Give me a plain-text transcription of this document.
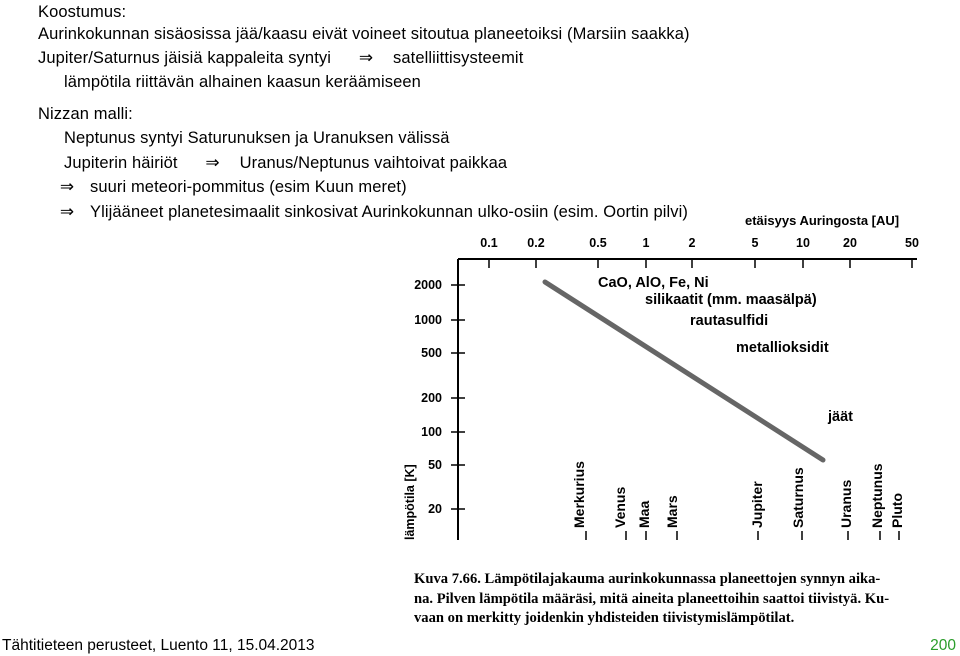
Koostumus:
Aurinkokunnan sisäosissa jää/kaasu eivät voineet sitoutua planeetoiksi (Marsiin saakka)
Jupiter/Saturnus jäisiä kappaleita syntyi ⇒ satelliittisysteemit
lämpötila riittävän alhainen kaasun keräämiseen
Nizzan malli:
Neptunus syntyi Saturunuksen ja Uranuksen välissä
Jupiterin häiriöt ⇒ Uranus/Neptunus vaihtoivat paikkaa
⇒ suuri meteori-pommitus (esim Kuun meret)
⇒ Ylijääneet planetesimaalit sinkosivat Aurinkokunnan ulko-osiin (esim. Oortin pilvi)	etäisyys Auringosta [AU]
0.1 0.2	0.5	1	2	5	10	20	50
2000
1000
500
200
100
50
20
lämpötila [K]
CaO, AlO, Fe, Ni
silikaatit (mm. maasälpä)
rautasulfidi
metallioksidit
jäät
Merkurius Venus Maa Mars	Jupiter Saturnus Uranus Neptunus Pluto
Kuva 7.66. Lämpötilajakauma aurinkokunnassa planeettojen synnyn aika-
na. Pilven lämpötila määräsi, mitä aineita planeettoihin saattoi tiivistyä. Ku-
vaan on merkitty joidenkin yhdisteiden tiivistymislämpötilat.
Tähtitieteen perusteet, Luento 11, 15.04.2013	200
